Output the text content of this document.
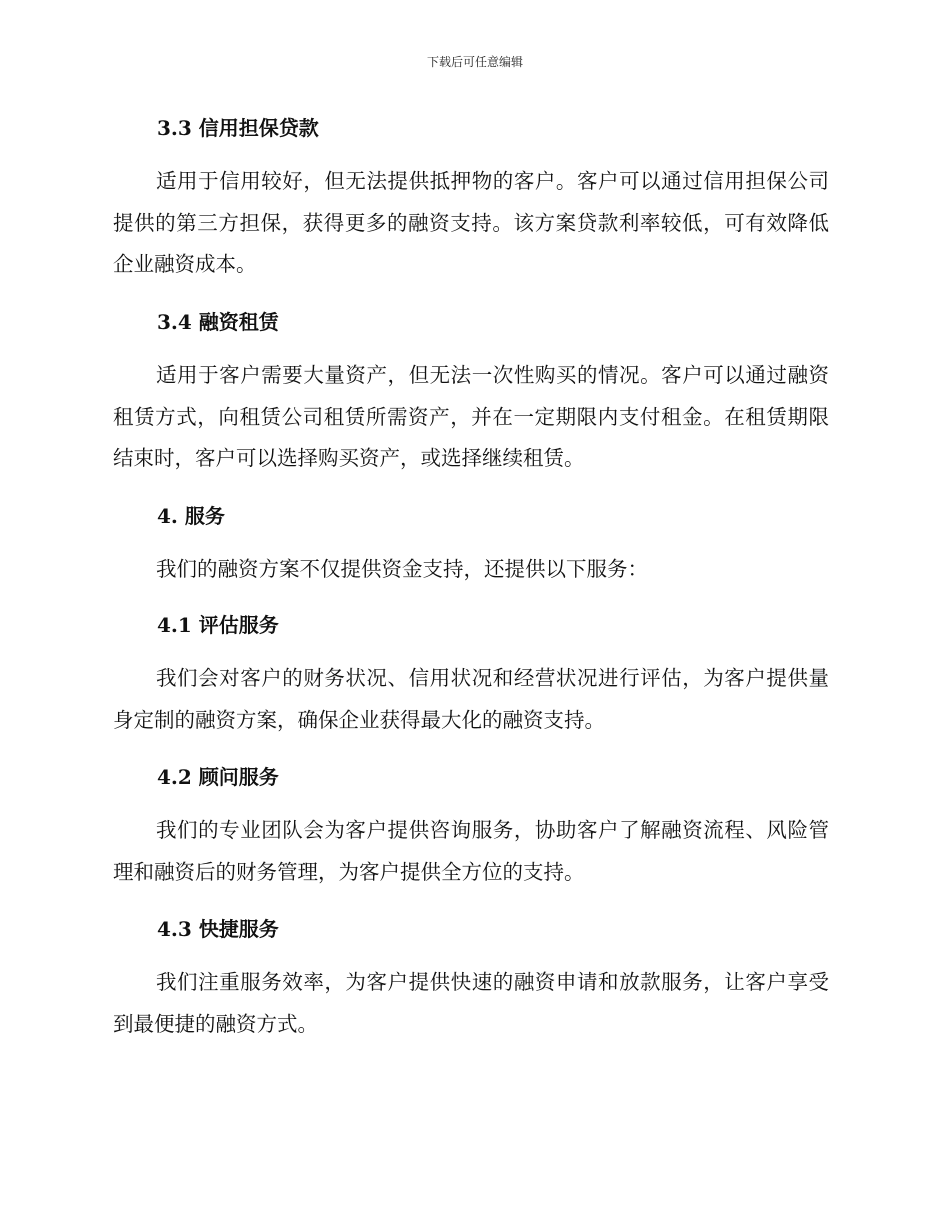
下载后可任意编辑
3.3 信用担保贷款

适用于信用较好，但无法提供抵押物的客户。客户可以通过信用担保公司提供的第三方担保，获得更多的融资支持。该方案贷款利率较低，可有效降低企业融资成本。

3.4 融资租赁

适用于客户需要大量资产，但无法一次性购买的情况。客户可以通过融资租赁方式，向租赁公司租赁所需资产，并在一定期限内支付租金。在租赁期限结束时，客户可以选择购买资产，或选择继续租赁。

4. 服务

我们的融资方案不仅提供资金支持，还提供以下服务：

4.1 评估服务

我们会对客户的财务状况、信用状况和经营状况进行评估，为客户提供量身定制的融资方案，确保企业获得最大化的融资支持。

4.2 顾问服务

我们的专业团队会为客户提供咨询服务，协助客户了解融资流程、风险管理和融资后的财务管理，为客户提供全方位的支持。

4.3 快捷服务

我们注重服务效率，为客户提供快速的融资申请和放款服务，让客户享受到最便捷的融资方式。
